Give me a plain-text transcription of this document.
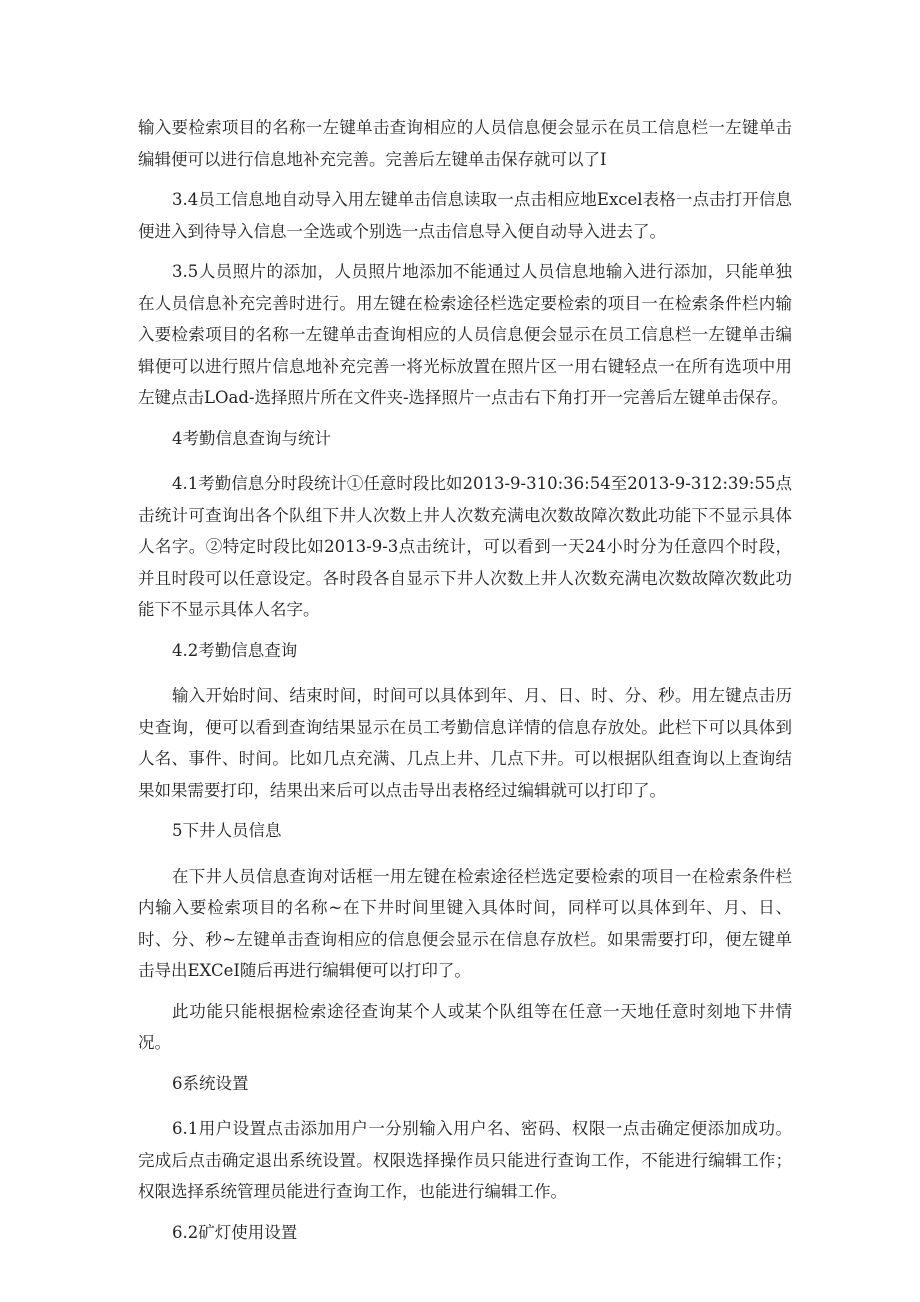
输入要检索项目的名称一左键单击查询相应的人员信息便会显示在员工信息栏一左键单击编辑便可以进行信息地补充完善。完善后左键单击保存就可以了I

3.4员工信息地自动导入用左键单击信息读取一点击相应地Excel表格一点击打开信息便进入到待导入信息一全选或个别选一点击信息导入便自动导入进去了。

3.5人员照片的添加，人员照片地添加不能通过人员信息地输入进行添加，只能单独在人员信息补充完善时进行。用左键在检索途径栏选定要检索的项目一在检索条件栏内输入要检索项目的名称一左键单击查询相应的人员信息便会显示在员工信息栏一左键单击编辑便可以进行照片信息地补充完善一将光标放置在照片区一用右键轻点一在所有选项中用左键点击LOad-选择照片所在文件夹-选择照片一点击右下角打开一完善后左键单击保存。

4考勤信息查询与统计

4.1考勤信息分时段统计①任意时段比如2013-9-310:36:54至2013-9-312:39:55点击统计可查询出各个队组下井人次数上井人次数充满电次数故障次数此功能下不显示具体人名字。②特定时段比如2013-9-3点击统计，可以看到一天24小时分为任意四个时段，并且时段可以任意设定。各时段各自显示下井人次数上井人次数充满电次数故障次数此功能下不显示具体人名字。

4.2考勤信息查询

输入开始时间、结束时间，时间可以具体到年、月、日、时、分、秒。用左键点击历史查询，便可以看到查询结果显示在员工考勤信息详情的信息存放处。此栏下可以具体到人名、事件、时间。比如几点充满、几点上井、几点下井。可以根据队组查询以上查询结果如果需要打印，结果出来后可以点击导出表格经过编辑就可以打印了。

5下井人员信息

在下井人员信息查询对话框一用左键在检索途径栏选定要检索的项目一在检索条件栏内输入要检索项目的名称~在下井时间里键入具体时间，同样可以具体到年、月、日、时、分、秒~左键单击查询相应的信息便会显示在信息存放栏。如果需要打印，便左键单击导出EXCeI随后再进行编辑便可以打印了。

此功能只能根据检索途径查询某个人或某个队组等在任意一天地任意时刻地下井情况。

6系统设置

6.1用户设置点击添加用户一分别输入用户名、密码、权限一点击确定便添加成功。完成后点击确定退出系统设置。权限选择操作员只能进行查询工作，不能进行编辑工作；权限选择系统管理员能进行查询工作，也能进行编辑工作。

6.2矿灯使用设置
